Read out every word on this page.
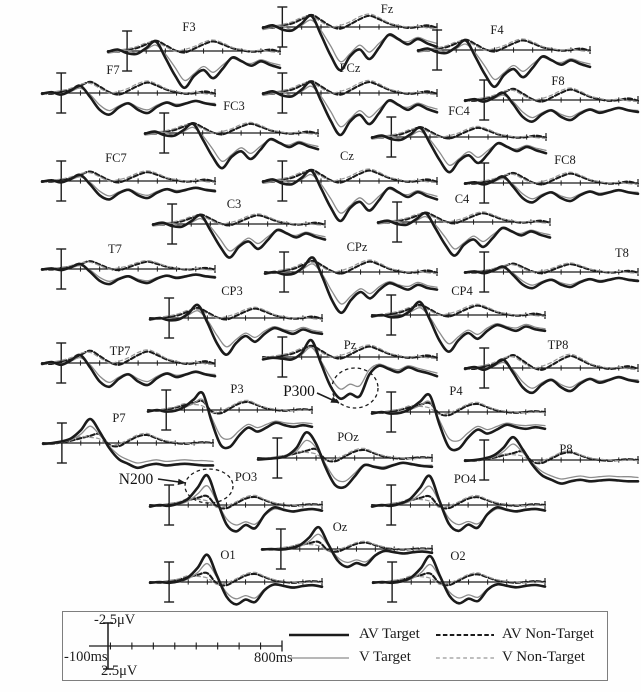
Fz
F3	F4
F7	FCz
F8
FC3	FC4
FC7	Cz	FC8
C3	C4
T7	CPz	T8
CP3	CP4
TP7	Pz	TP8
P3	P4
P7
POz
P8
PO3	PO4
Oz
O1	O2
P300
N200
-2.5μV
2.5μV
-100ms	800ms
AV Target	AV Non-Target
V Target	V Non-Target
